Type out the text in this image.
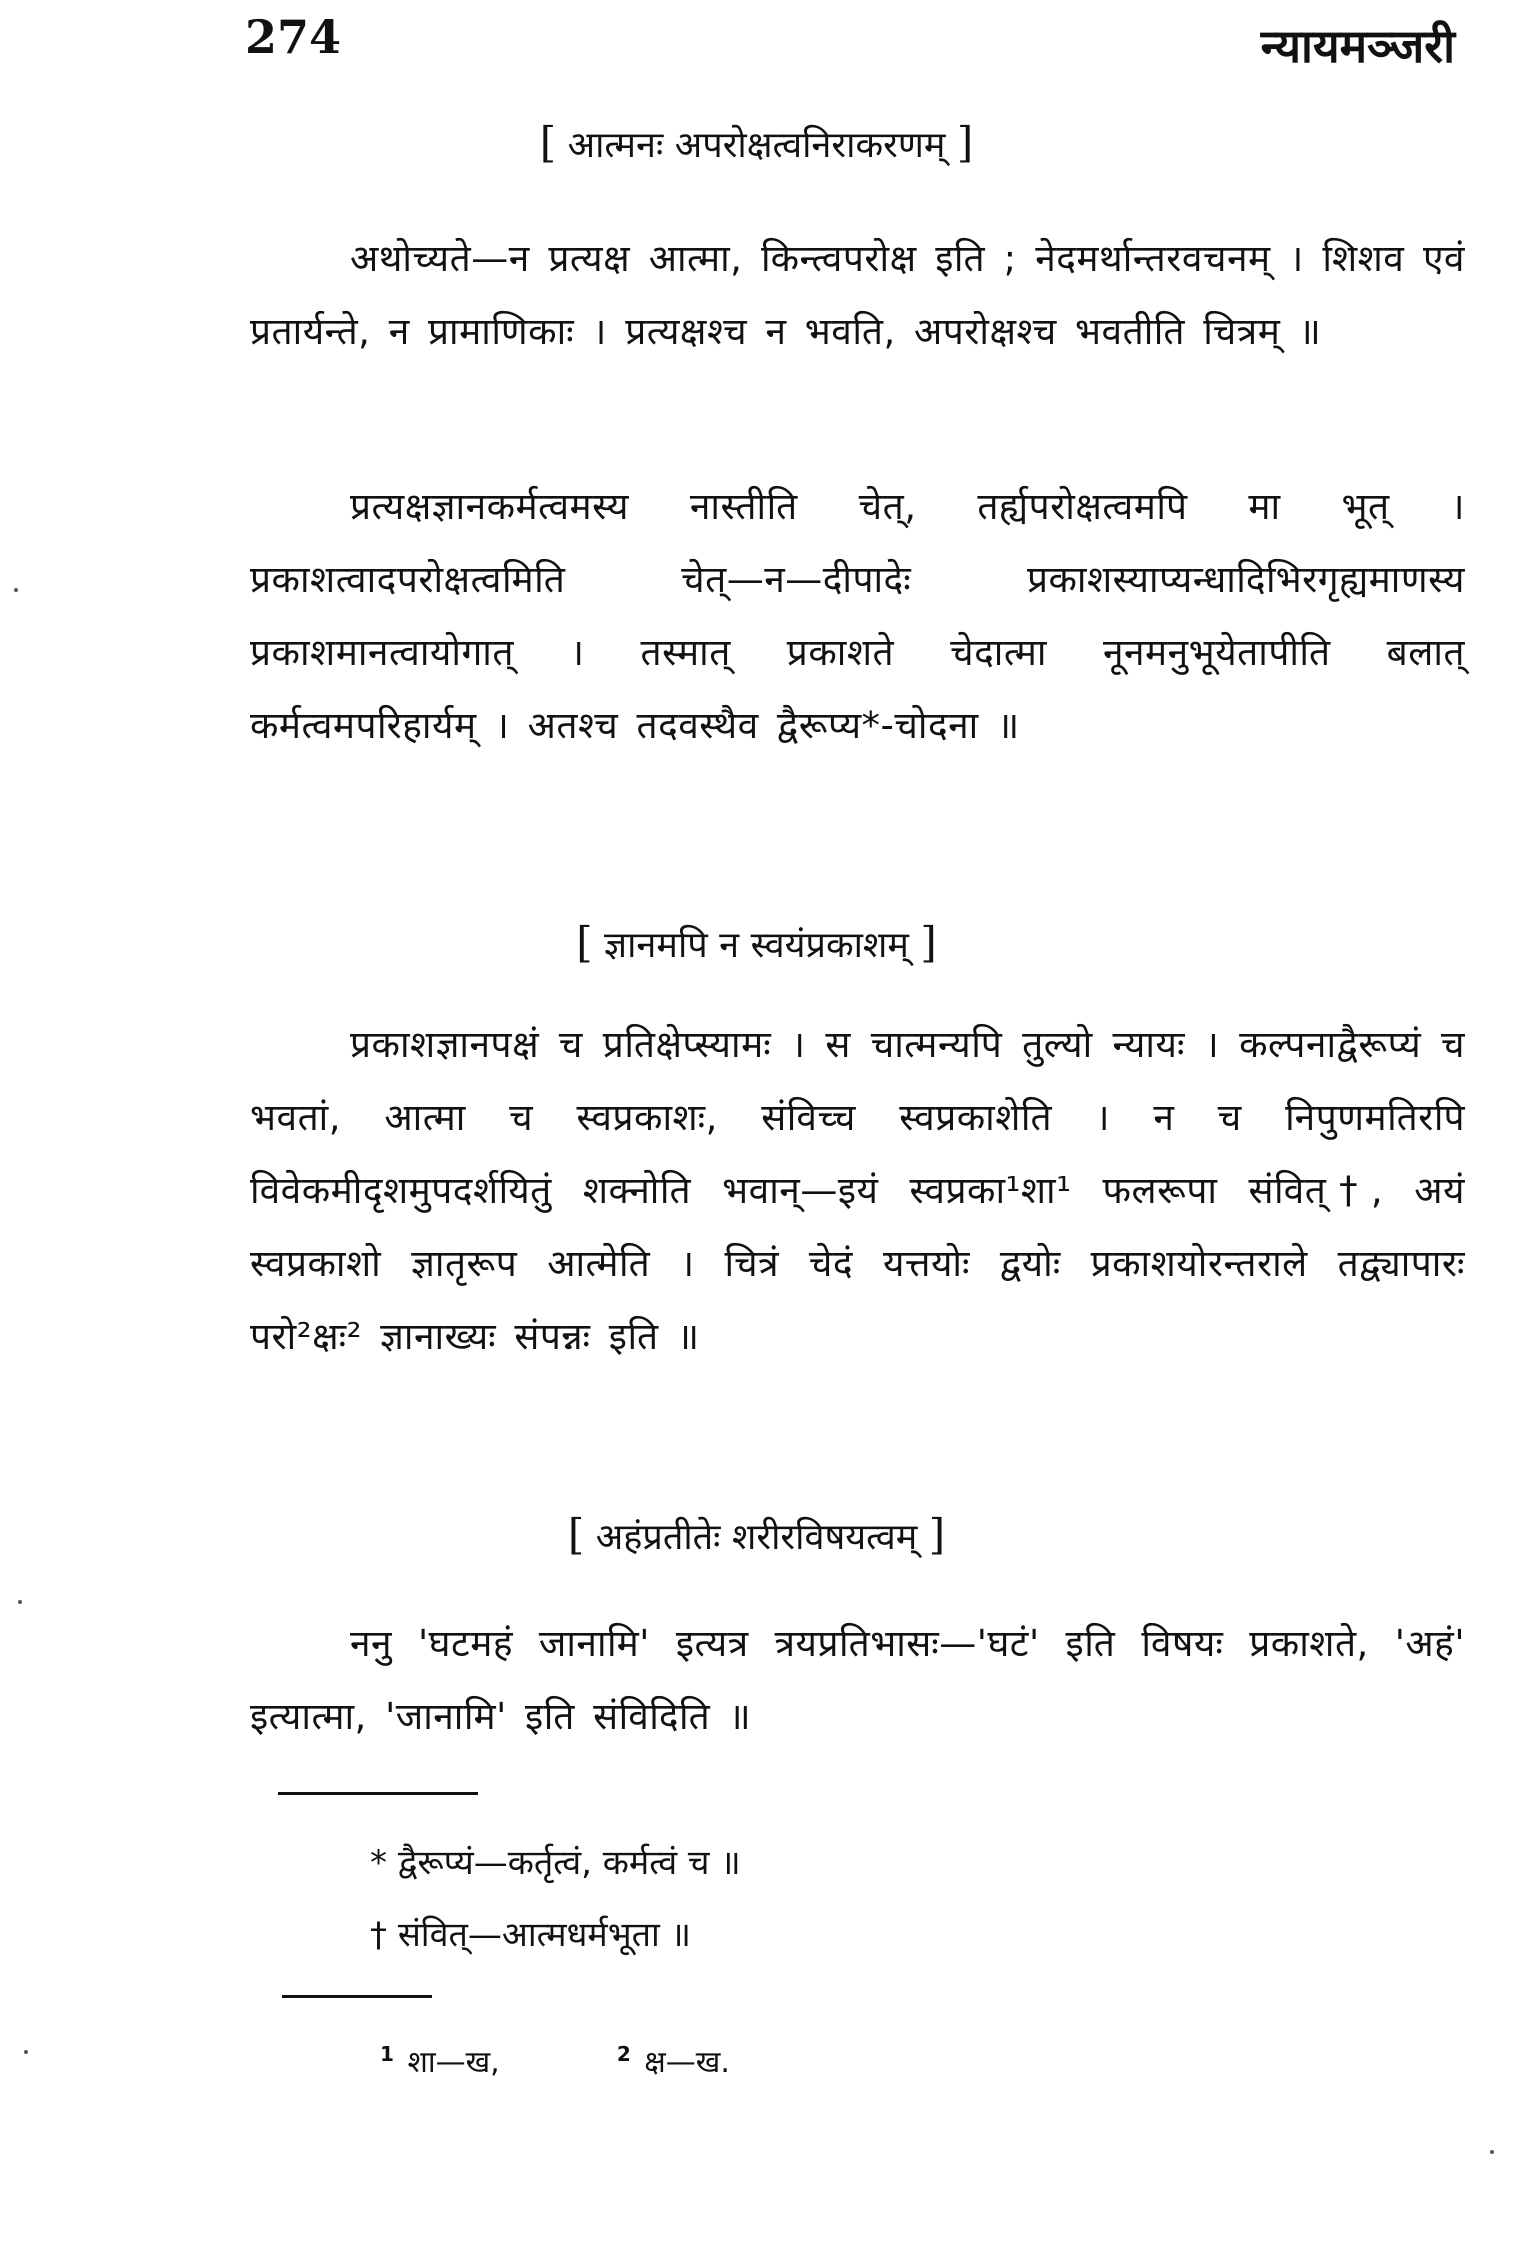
274	न्यायमञ्जरी
[ आत्मनः अपरोक्षत्वनिराकरणम् ]

अथोच्यते—न प्रत्यक्ष आत्मा, किन्त्वपरोक्ष इति ; नेदमर्थान्तरवचनम् । शिशव एवं प्रतार्यन्ते, न प्रामाणिकाः । प्रत्यक्षश्च न भवति, अपरोक्षश्च भवतीति चित्रम् ॥

प्रत्यक्षज्ञानकर्मत्वमस्य नास्तीति चेत्, तर्ह्यपरोक्षत्वमपि मा भूत् । प्रकाशत्वादपरोक्षत्वमिति चेत्—न—दीपादेः प्रकाशस्याप्यन्धादिभिरगृह्यमाणस्य प्रकाशमानत्वायोगात् । तस्मात् प्रकाशते चेदात्मा नूनमनुभूयेतापीति बलात् कर्मत्वमपरिहार्यम् । अतश्च तदवस्थैव द्वैरूप्य*-चोदना ॥

[ ज्ञानमपि न स्वयंप्रकाशम् ]

प्रकाशज्ञानपक्षं च प्रतिक्षेप्स्यामः । स चात्मन्यपि तुल्यो न्यायः । कल्पनाद्वैरूप्यं च भवतां, आत्मा च स्वप्रकाशः, संविच्च स्वप्रकाशेति । न च निपुणमतिरपि विवेकमीदृशमुपदर्शयितुं शक्नोति भवान्—इयं स्वप्रका¹शा¹ फलरूपा संवित्†, अयं स्वप्रकाशो ज्ञातृरूप आत्मेति । चित्रं चेदं यत्तयोः द्वयोः प्रकाशयोरन्तराले तद्व्यापारः परो²क्षः² ज्ञानाख्यः संपन्नः इति ॥

[ अहंप्रतीतेः शरीरविषयत्वम् ]

ननु 'घटमहं जानामि' इत्यत्र त्रयप्रतिभासः—'घटं' इति विषयः प्रकाशते, 'अहं' इत्यात्मा, 'जानामि' इति संविदिति ॥

* द्वैरूप्यं—कर्तृत्वं, कर्मत्वं च ॥
† संवित्—आत्मधर्मभूता ॥
$^1$ शा—ख,	$^2$ क्ष—ख.
